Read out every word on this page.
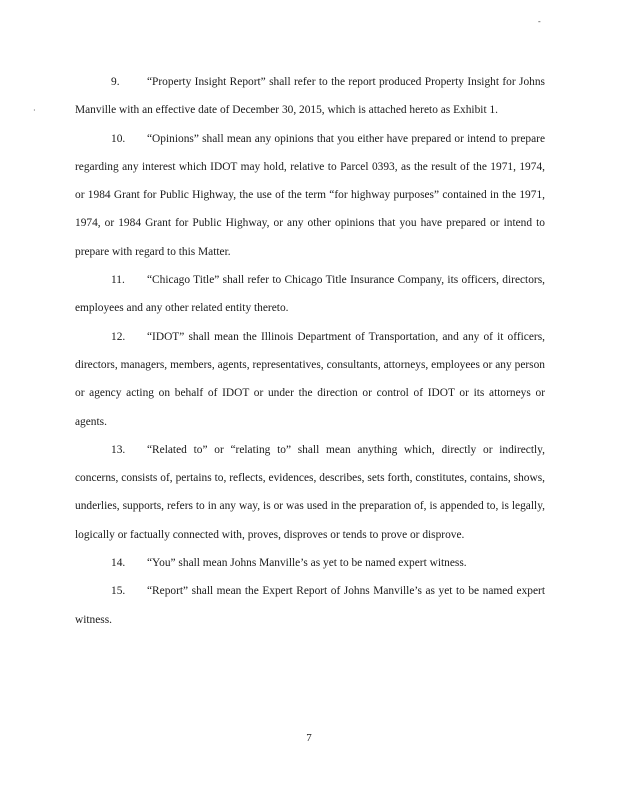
-
·

9. “Property Insight Report” shall refer to the report produced Property Insight for Johns Manville with an effective date of December 30, 2015, which is attached hereto as Exhibit 1.

10. “Opinions” shall mean any opinions that you either have prepared or intend to prepare regarding any interest which IDOT may hold, relative to Parcel 0393, as the result of the 1971, 1974, or 1984 Grant for Public Highway, the use of the term “for highway purposes” contained in the 1971, 1974, or 1984 Grant for Public Highway, or any other opinions that you have prepared or intend to prepare with regard to this Matter.

11. “Chicago Title” shall refer to Chicago Title Insurance Company, its officers, directors, employees and any other related entity thereto.

12. “IDOT” shall mean the Illinois Department of Transportation, and any of it officers, directors, managers, members, agents, representatives, consultants, attorneys, employees or any person or agency acting on behalf of IDOT or under the direction or control of IDOT or its attorneys or agents.

13. “Related to” or “relating to” shall mean anything which, directly or indirectly, concerns, consists of, pertains to, reflects, evidences, describes, sets forth, constitutes, contains, shows, underlies, supports, refers to in any way, is or was used in the preparation of, is appended to, is legally, logically or factually connected with, proves, disproves or tends to prove or disprove.

14. “You” shall mean Johns Manville’s as yet to be named expert witness.

15. “Report” shall mean the Expert Report of Johns Manville’s as yet to be named expert witness.

7
